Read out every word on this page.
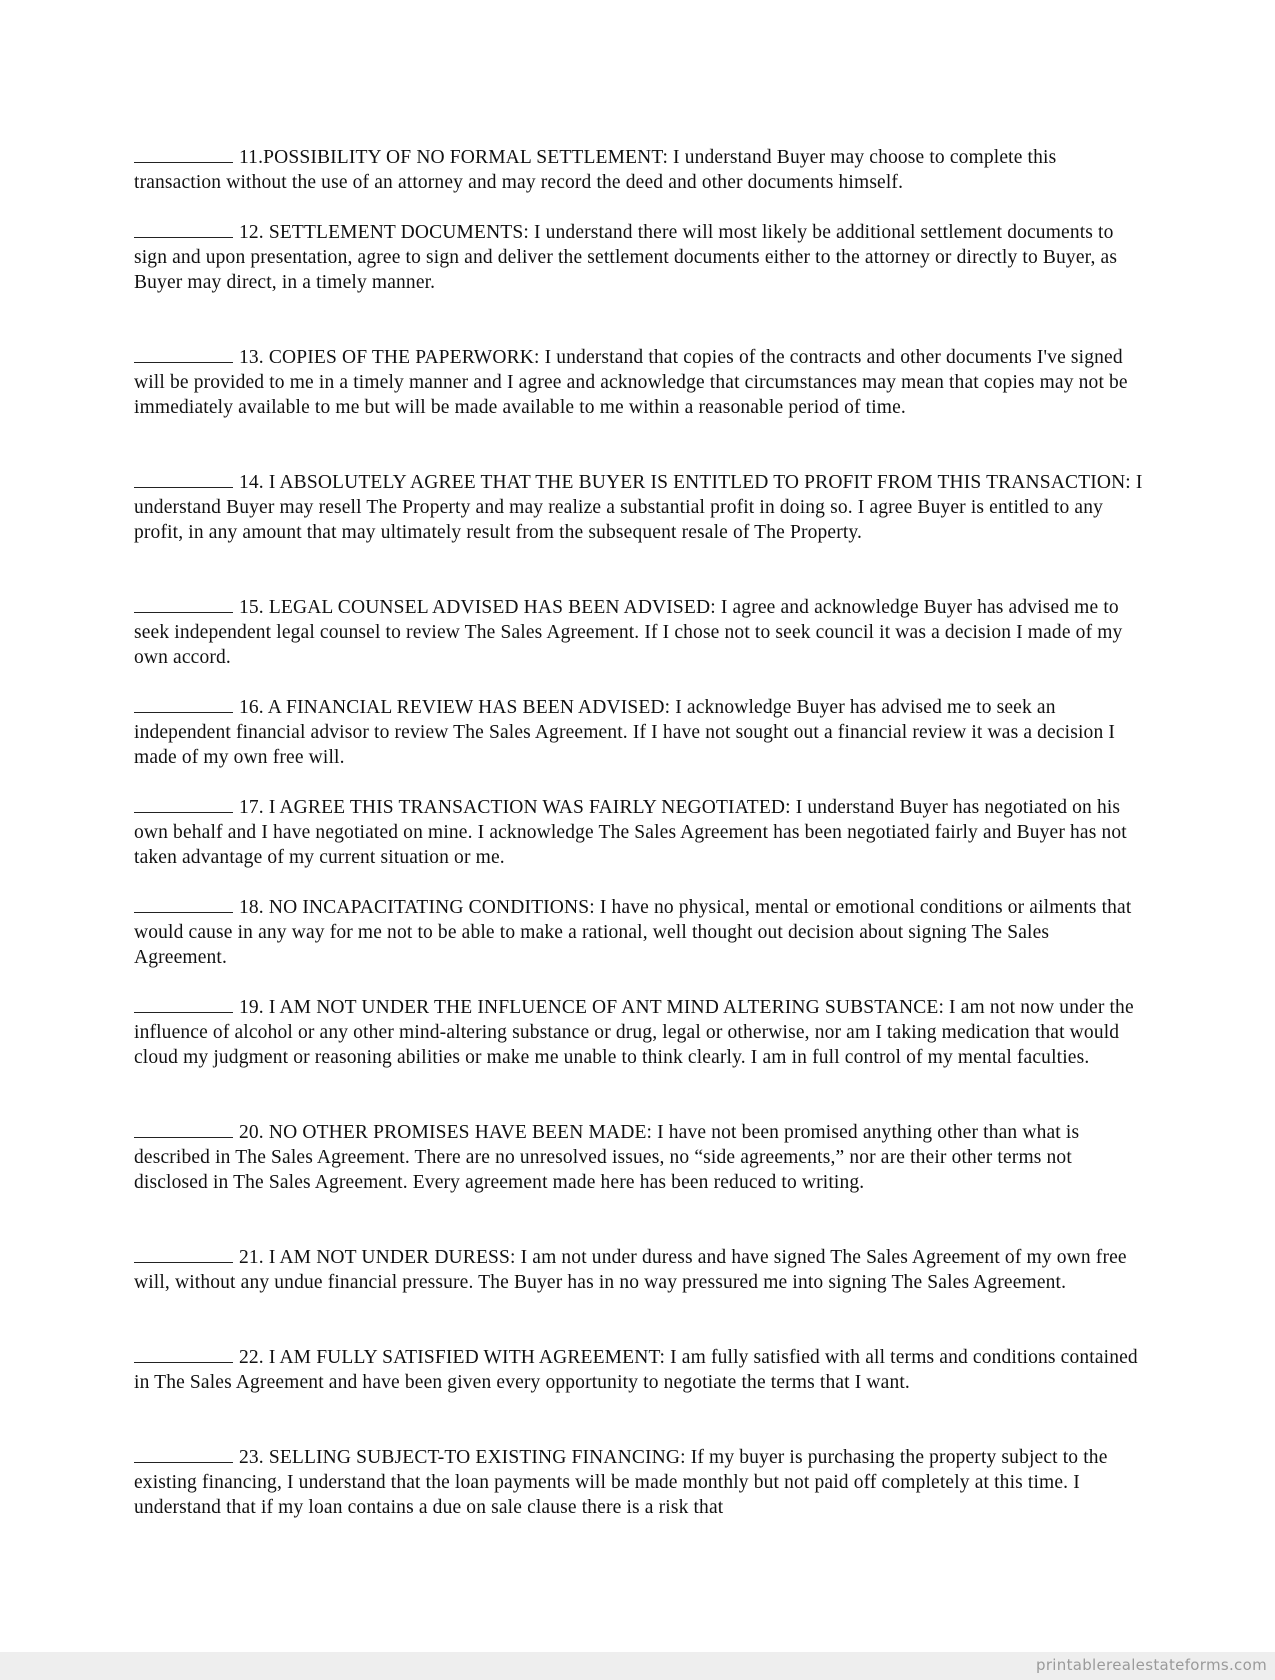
11.POSSIBILITY OF NO FORMAL SETTLEMENT: I understand Buyer may choose to complete this transaction without the use of an attorney and may record the deed and other documents himself.

12. SETTLEMENT DOCUMENTS: I understand there will most likely be additional settlement documents to sign and upon presentation, agree to sign and deliver the settlement documents either to the attorney or directly to Buyer, as Buyer may direct, in a timely manner.

13. COPIES OF THE PAPERWORK: I understand that copies of the contracts and other documents I've signed will be provided to me in a timely manner and I agree and acknowledge that circumstances may mean that copies may not be immediately available to me but will be made available to me within a reasonable period of time.

14. I ABSOLUTELY AGREE THAT THE BUYER IS ENTITLED TO PROFIT FROM THIS TRANSACTION: I understand Buyer may resell The Property and may realize a substantial profit in doing so. I agree Buyer is entitled to any profit, in any amount that may ultimately result from the subsequent resale of The Property.

15. LEGAL COUNSEL ADVISED HAS BEEN ADVISED: I agree and acknowledge Buyer has advised me to seek independent legal counsel to review The Sales Agreement. If I chose not to seek council it was a decision I made of my own accord.

16. A FINANCIAL REVIEW HAS BEEN ADVISED: I acknowledge Buyer has advised me to seek an independent financial advisor to review The Sales Agreement. If I have not sought out a financial review it was a decision I made of my own free will.

17. I AGREE THIS TRANSACTION WAS FAIRLY NEGOTIATED: I understand Buyer has negotiated on his own behalf and I have negotiated on mine. I acknowledge The Sales Agreement has been negotiated fairly and Buyer has not taken advantage of my current situation or me.

18. NO INCAPACITATING CONDITIONS: I have no physical, mental or emotional conditions or ailments that would cause in any way for me not to be able to make a rational, well thought out decision about signing The Sales Agreement.

19. I AM NOT UNDER THE INFLUENCE OF ANT MIND ALTERING SUBSTANCE: I am not now under the influence of alcohol or any other mind-altering substance or drug, legal or otherwise, nor am I taking medication that would cloud my judgment or reasoning abilities or make me unable to think clearly. I am in full control of my mental faculties.

20. NO OTHER PROMISES HAVE BEEN MADE: I have not been promised anything other than what is described in The Sales Agreement. There are no unresolved issues, no “side agreements,” nor are their other terms not disclosed in The Sales Agreement. Every agreement made here has been reduced to writing.

21. I AM NOT UNDER DURESS: I am not under duress and have signed The Sales Agreement of my own free will, without any undue financial pressure. The Buyer has in no way pressured me into signing The Sales Agreement.

22. I AM FULLY SATISFIED WITH AGREEMENT: I am fully satisfied with all terms and conditions contained in The Sales Agreement and have been given every opportunity to negotiate the terms that I want.

23. SELLING SUBJECT-TO EXISTING FINANCING: If my buyer is purchasing the property subject to the existing financing, I understand that the loan payments will be made monthly but not paid off completely at this time. I understand that if my loan contains a due on sale clause there is a risk that

printablerealestateforms.com
